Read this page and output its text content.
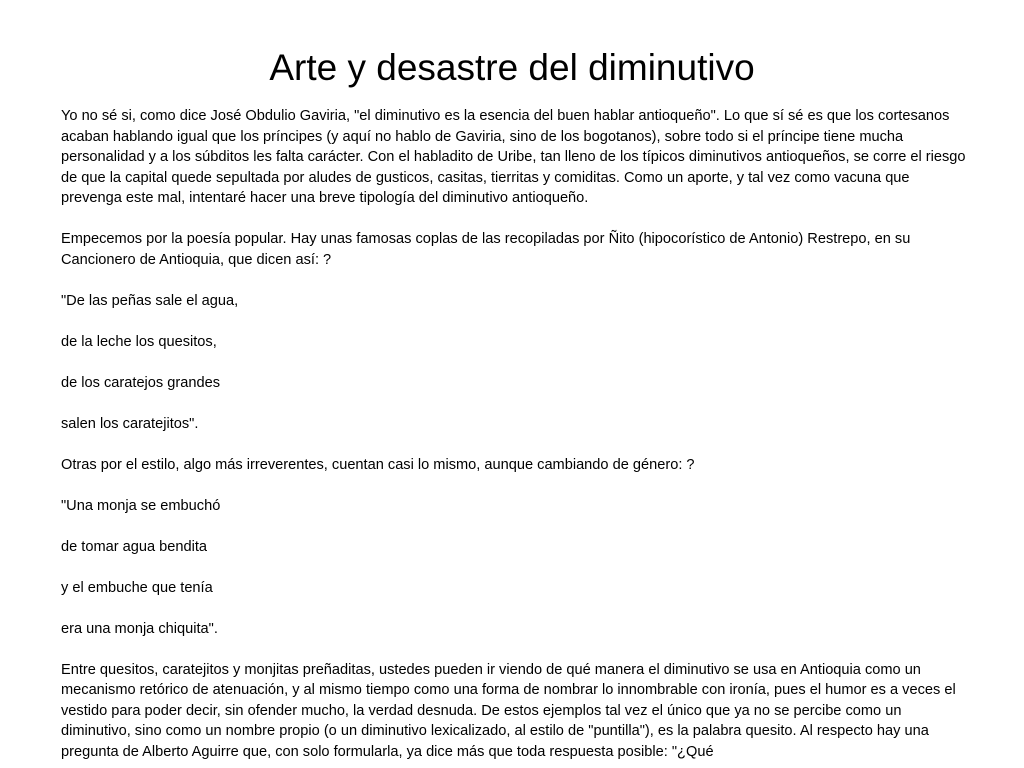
Arte y desastre del diminutivo

Yo no sé si, como dice José Obdulio Gaviria, "el diminutivo es la esencia del buen hablar antioqueño". Lo que sí sé es que los cortesanos acaban hablando igual que los príncipes (y aquí no hablo de Gaviria, sino de los bogotanos), sobre todo si el príncipe tiene mucha personalidad y a los súbditos les falta carácter. Con el habladito de Uribe, tan lleno de los típicos diminutivos antioqueños, se corre el riesgo de que la capital quede sepultada por aludes de gusticos, casitas, tierritas y comiditas. Como un aporte, y tal vez como vacuna que prevenga este mal, intentaré hacer una breve tipología del diminutivo antioqueño.

Empecemos por la poesía popular. Hay unas famosas coplas de las recopiladas por Ñito (hipocorístico de Antonio) Restrepo, en su Cancionero de Antioquia, que dicen así: ?

"De las peñas sale el agua,

de la leche los quesitos,

de los caratejos grandes

salen los caratejitos".

Otras por el estilo, algo más irreverentes, cuentan casi lo mismo, aunque cambiando de género: ?

"Una monja se embuchó

de tomar agua bendita

y el embuche que tenía

era una monja chiquita".

Entre quesitos, caratejitos y monjitas preñaditas, ustedes pueden ir viendo de qué manera el diminutivo se usa en Antioquia como un mecanismo retórico de atenuación, y al mismo tiempo como una forma de nombrar lo innombrable con ironía, pues el humor es a veces el vestido para poder decir, sin ofender mucho, la verdad desnuda. De estos ejemplos tal vez el único que ya no se percibe como un diminutivo, sino como un nombre propio (o un diminutivo lexicalizado, al estilo de "puntilla"), es la palabra quesito. Al respecto hay una pregunta de Alberto Aguirre que, con solo formularla, ya dice más que toda respuesta posible: "¿Qué
